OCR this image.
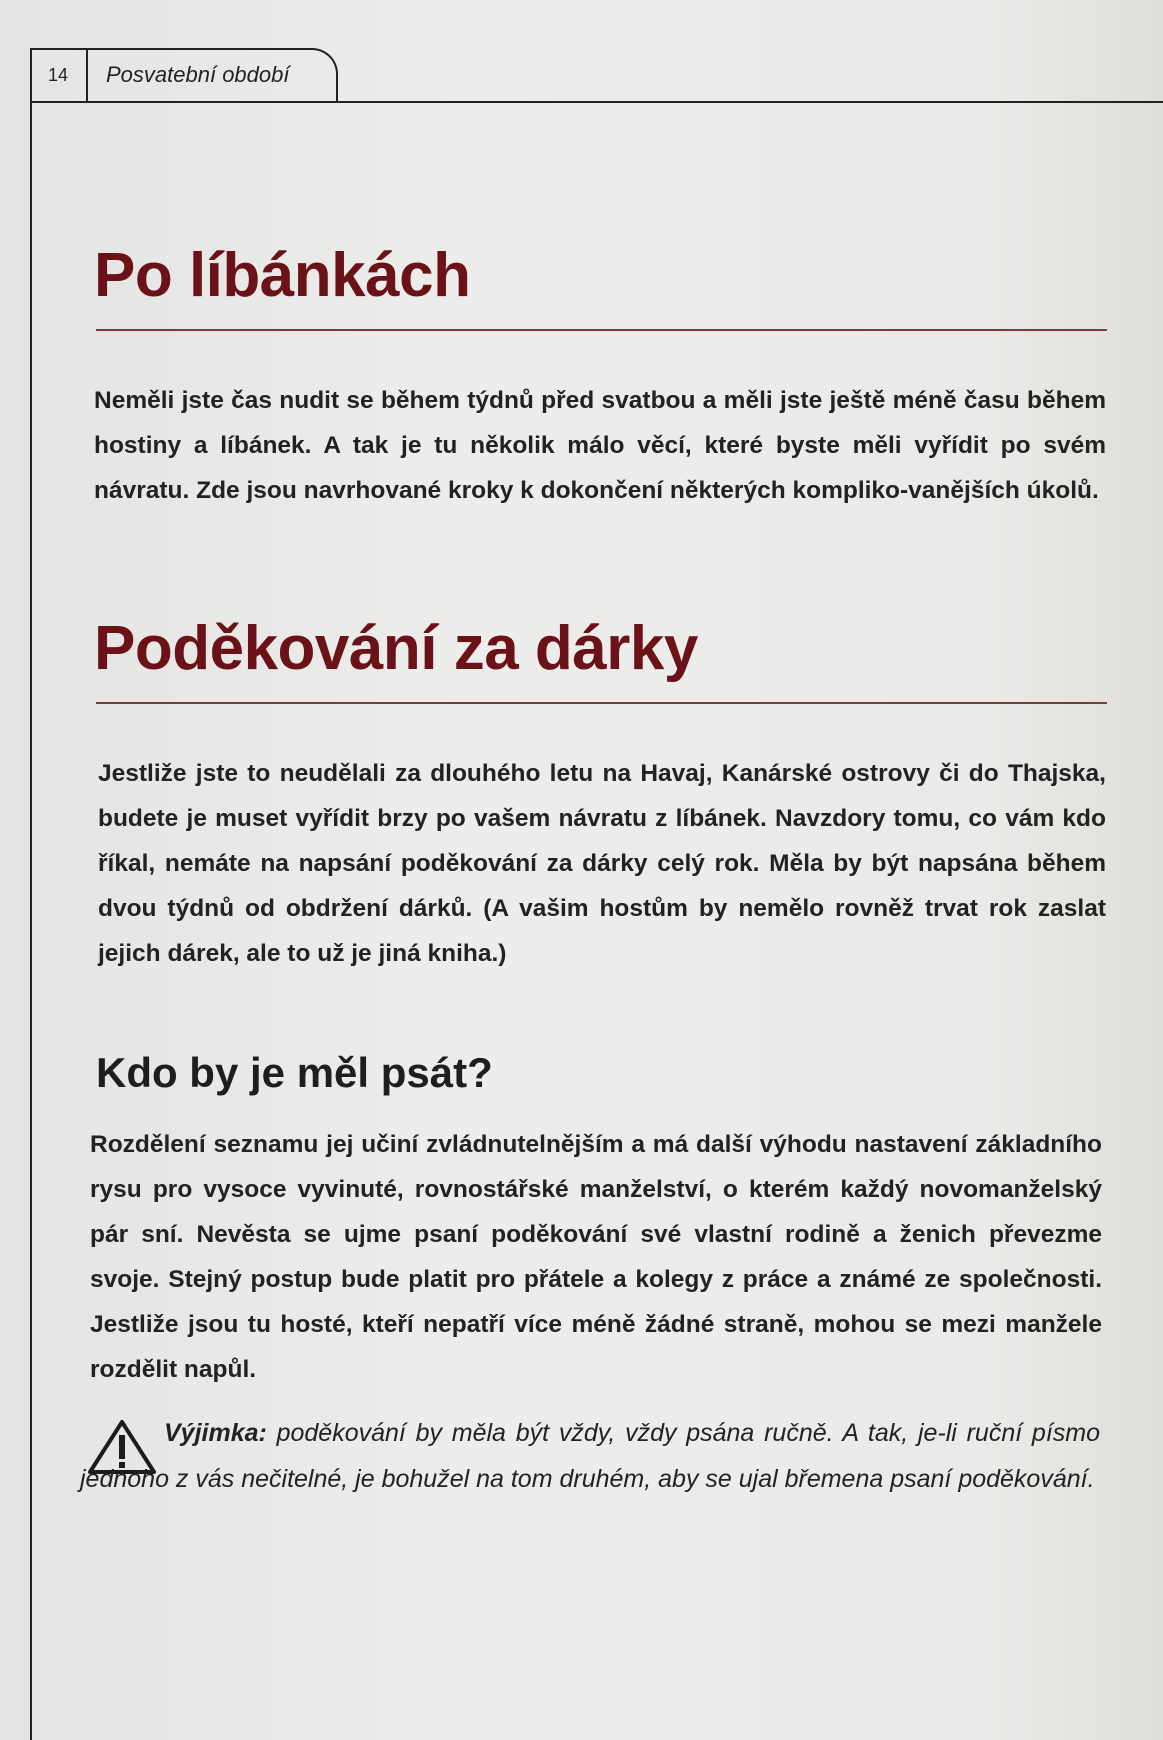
14	Posvatební období
Po líbánkách

Neměli jste čas nudit se během týdnů před svatbou a měli jste ještě méně času během hostiny a líbánek. A tak je tu několik málo věcí, které byste měli vyřídit po svém návratu. Zde jsou navrhované kroky k dokončení některých kompliko-vanějších úkolů.

Poděkování za dárky

Jestliže jste to neudělali za dlouhého letu na Havaj, Kanárské ostrovy či do Thajska, budete je muset vyřídit brzy po vašem návratu z líbánek. Navzdory tomu, co vám kdo říkal, nemáte na napsání poděkování za dárky celý rok. Měla by být napsána během dvou týdnů od obdržení dárků. (A vašim hostům by nemělo rovněž trvat rok zaslat jejich dárek, ale to už je jiná kniha.)

Kdo by je měl psát?

Rozdělení seznamu jej učiní zvládnutelnějším a má další výhodu nastavení základního rysu pro vysoce vyvinuté, rovnostářské manželství, o kterém každý novomanželský pár sní. Nevěsta se ujme psaní poděkování své vlastní rodině a ženich převezme svoje. Stejný postup bude platit pro přátele a kolegy z práce a známé ze společnosti. Jestliže jsou tu hosté, kteří nepatří více méně žádné straně, mohou se mezi manžele rozdělit napůl.

Výjimka: poděkování by měla být vždy, vždy psána ručně. A tak, je-li ruční písmo jednoho z vás nečitelné, je bohužel na tom druhém, aby se ujal břemena psaní poděkování.
